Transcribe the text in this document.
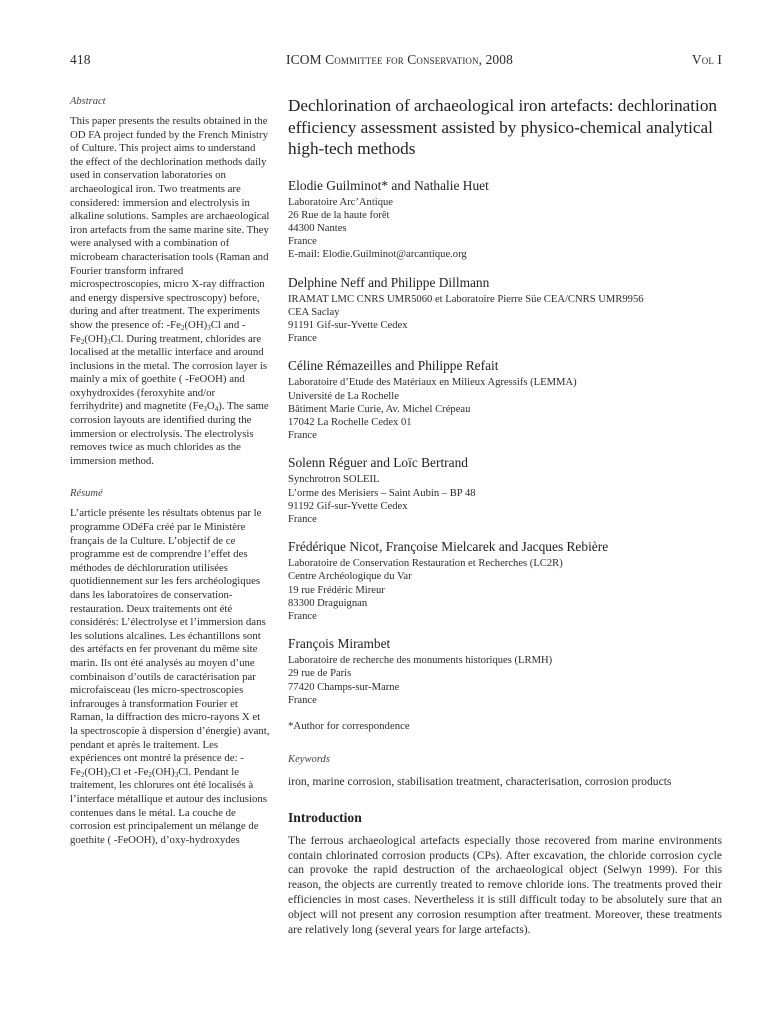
418	ICOM Committee for Conservation, 2008	Vol I
Abstract

This paper presents the results obtained in the OD FA project funded by the French Ministry of Culture. This project aims to understand the effect of the dechlorination methods daily used in conservation laboratories on archaeological iron. Two treatments are considered: immersion and electrolysis in alkaline solutions. Samples are archaeological iron artefacts from the same marine site. They were analysed with a combination of microbeam characterisation tools (Raman and Fourier transform infrared microspectroscopies, micro X-ray diffraction and energy dispersive spectroscopy) before, during and after treatment. The experiments show the presence of: $-Fe_2(OH)_3Cl$ and $-Fe_2(OH)_3Cl$. During treatment, chlorides are localised at the metallic interface and around inclusions in the metal. The corrosion layer is mainly a mix of goethite ( -FeOOH) and oxyhydroxides (feroxyhite and/or ferrihydrite) and magnetite $(Fe_3O_4)$. The same corrosion layouts are identified during the immersion or electrolysis. The electrolysis removes twice as much chlorides as the immersion method.

Résumé

L’article présente les résultats obtenus par le programme ODéFa créé par le Ministère français de la Culture. L’objectif de ce programme est de comprendre l’effet des méthodes de déchloruration utilisées quotidiennement sur les fers archéologiques dans les laboratoires de conservation-restauration. Deux traitements ont été considérés: L’électrolyse et l’immersion dans les solutions alcalines. Les échantillons sont des artéfacts en fer provenant du même site marin. Ils ont été analysés au moyen d’une combinaison d’outils de caractérisation par microfaisceau (les micro-spectroscopies infrarouges à transformation Fourier et Raman, la diffraction des micro-rayons X et la spectroscopie à dispersion d’énergie) avant, pendant et après le traitement. Les expériences ont montré la présence de: $-Fe_2(OH)_3Cl$ et $-Fe_2(OH)_3Cl$. Pendant le traitement, les chlorures ont été localisés à l’interface métallique et autour des inclusions contenues dans le métal. La couche de corrosion est principalement un mélange de goethite ( -FeOOH), d’oxy-hydroxydes

Dechlorination of archaeological iron artefacts: dechlorination efficiency assessment assisted by physico-chemical analytical high-tech methods
Elodie Guilminot* and Nathalie Huet
Laboratoire Arc’Antique
26 Rue de la haute forêt
44300 Nantes
France
E-mail: Elodie.Guilminot@arcantique.org
Delphine Neff and Philippe Dillmann
IRAMAT LMC CNRS UMR5060 et Laboratoire Pierre Süe CEA/CNRS UMR9956
CEA Saclay
91191 Gif-sur-Yvette Cedex
France
Céline Rémazeilles and Philippe Refait
Laboratoire d’Etude des Matériaux en Milieux Agressifs (LEMMA)
Université de La Rochelle
Bâtiment Marie Curie, Av. Michel Crépeau
17042 La Rochelle Cedex 01
France
Solenn Réguer and Loïc Bertrand
Synchrotron SOLEIL
L’orme des Merisiers – Saint Aubin – BP 48
91192 Gif-sur-Yvette Cedex
France
Frédérique Nicot, Françoise Mielcarek and Jacques Rebière
Laboratoire de Conservation Restauration et Recherches (LC2R)
Centre Archéologique du Var
19 rue Frédéric Mireur
83300 Draguignan
France
François Mirambet
Laboratoire de recherche des monuments historiques (LRMH)
29 rue de Paris
77420 Champs-sur-Marne
France

*Author for correspondence

Keywords

iron, marine corrosion, stabilisation treatment, characterisation, corrosion products

Introduction

The ferrous archaeological artefacts especially those recovered from marine environments contain chlorinated corrosion products (CPs). After excavation, the chloride corrosion cycle can provoke the rapid destruction of the archaeological object (Selwyn 1999). For this reason, the objects are currently treated to remove chloride ions. The treatments proved their efficiencies in most cases. Nevertheless it is still difficult today to be absolutely sure that an object will not present any corrosion resumption after treatment. Moreover, these treatments are relatively long (several years for large artefacts).
